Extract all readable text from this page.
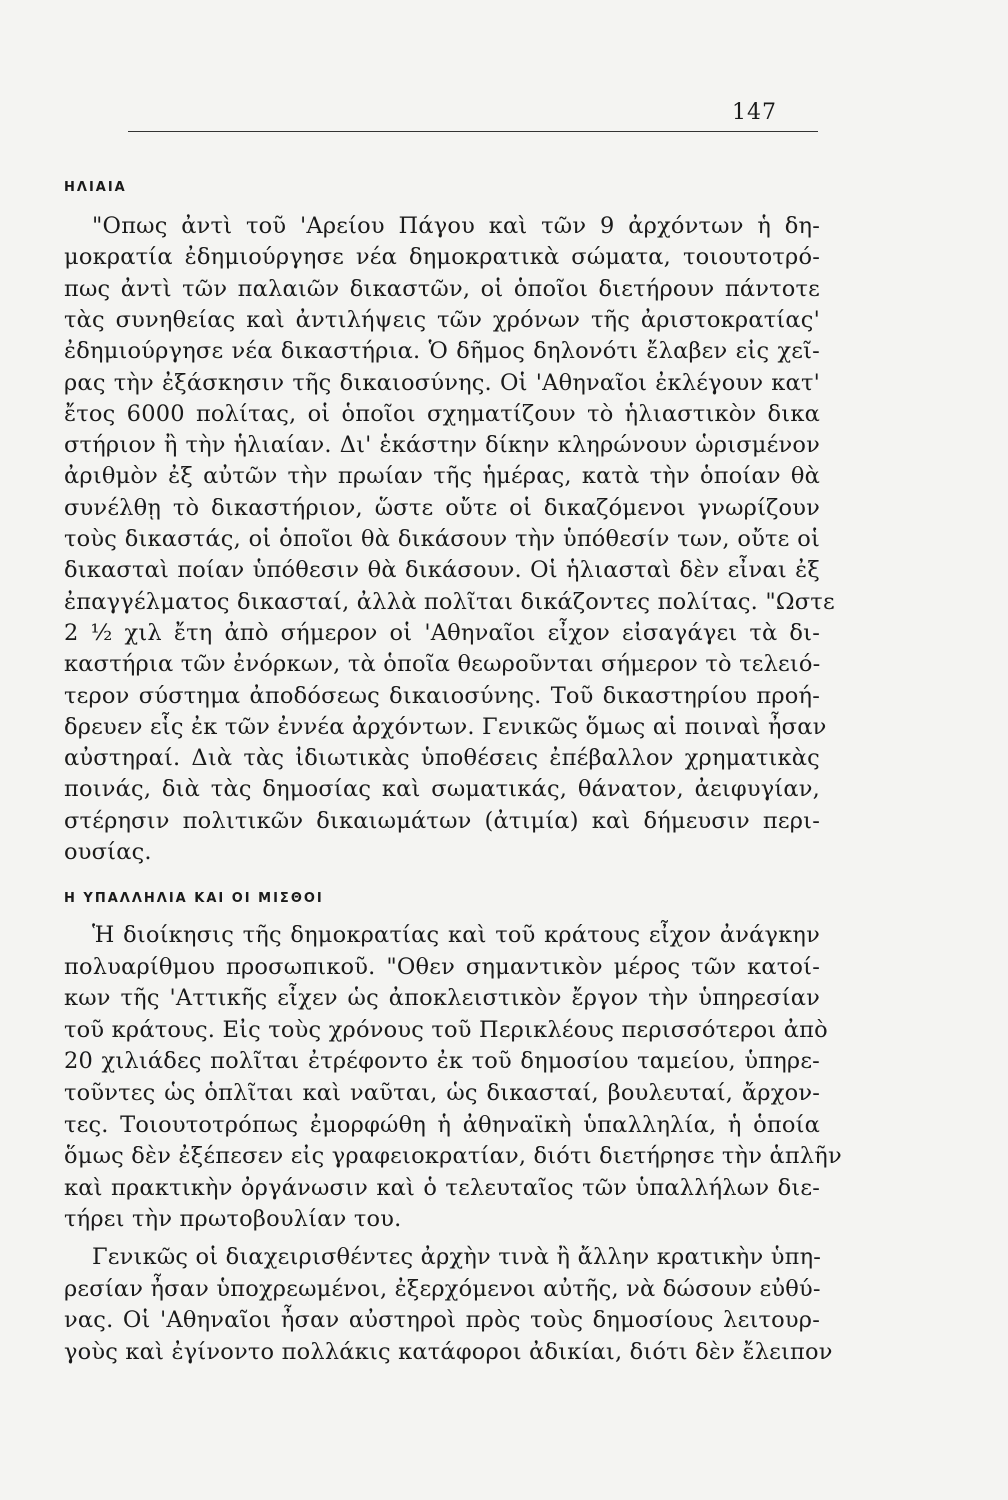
147
ΗΛΙΑΙΑ
"Οπως ἀντὶ τοῦ 'Αρείου Πάγου καὶ τῶν 9 ἀρχόντων ἡ δη-
μοκρατία ἐδημιούργησε νέα δημοκρατικὰ σώματα, τοιουτοτρό-
πως ἀντὶ τῶν παλαιῶν δικαστῶν, οἱ ὁποῖοι διετήρουν πάντοτε
τὰς συνηθείας καὶ ἀντιλήψεις τῶν χρόνων τῆς ἀριστοκρατίας'
ἐδημιούργησε νέα δικαστήρια. Ὁ δῆμος δηλονότι ἔλαβεν εἰς χεῖ-
ρας τὴν ἐξάσκησιν τῆς δικαιοσύνης. Οἱ 'Αθηναῖοι ἐκλέγουν κατ'
ἔτος 6000 πολίτας, οἱ ὁποῖοι σχηματίζουν τὸ ἡλιαστικὸν δικα
στήριον ἢ τὴν ἡλιαίαν. Δι' ἑκάστην δίκην κληρώνουν ὡρισμένον
ἀριθμὸν ἐξ αὐτῶν τὴν πρωίαν τῆς ἡμέρας, κατὰ τὴν ὁποίαν θὰ
συνέλθῃ τὸ δικαστήριον, ὥστε οὔτε οἱ δικαζόμενοι γνωρίζουν
τοὺς δικαστάς, οἱ ὁποῖοι θὰ δικάσουν τὴν ὑπόθεσίν των, οὔτε οἱ
δικασταὶ ποίαν ὑπόθεσιν θὰ δικάσουν. Οἱ ἡλιασταὶ δὲν εἶναι ἐξ
ἐπαγγέλματος δικασταί, ἀλλὰ πολῖται δικάζοντες πολίτας. "Ωστε
2 ½ χιλ ἔτη ἀπὸ σήμερον οἱ 'Αθηναῖοι εἶχον εἰσαγάγει τὰ δι-
καστήρια τῶν ἐνόρκων, τὰ ὁποῖα θεωροῦνται σήμερον τὸ τελειό-
τερον σύστημα ἀποδόσεως δικαιοσύνης. Τοῦ δικαστηρίου προή-
δρευεν εἷς ἐκ τῶν ἐννέα ἀρχόντων. Γενικῶς ὅμως αἱ ποιναὶ ἦσαν
αὐστηραί. Διὰ τὰς ἰδιωτικὰς ὑποθέσεις ἐπέβαλλον χρηματικὰς
ποινάς, διὰ τὰς δημοσίας καὶ σωματικάς, θάνατον, ἀειφυγίαν,
στέρησιν πολιτικῶν δικαιωμάτων (ἀτιμία) καὶ δήμευσιν περι-
ουσίας.
Η ΥΠΑΛΛΗΛΙΑ ΚΑΙ ΟΙ ΜΙΣΘΟΙ
Ἡ διοίκησις τῆς δημοκρατίας καὶ τοῦ κράτους εἶχον ἀνάγκην
πολυαρίθμου προσωπικοῦ. "Οθεν σημαντικὸν μέρος τῶν κατοί-
κων τῆς 'Αττικῆς εἶχεν ὡς ἀποκλειστικὸν ἔργον τὴν ὑπηρεσίαν
τοῦ κράτους. Εἰς τοὺς χρόνους τοῦ Περικλέους περισσότεροι ἀπὸ
20 χιλιάδες πολῖται ἐτρέφοντο ἐκ τοῦ δημοσίου ταμείου, ὑπηρε-
τοῦντες ὡς ὁπλῖται καὶ ναῦται, ὡς δικασταί, βουλευταί, ἄρχον-
τες. Τοιουτοτρόπως ἐμορφώθη ἡ ἀθηναϊκὴ ὑπαλληλία, ἡ ὁποία
ὅμως δὲν ἐξέπεσεν εἰς γραφειοκρατίαν, διότι διετήρησε τὴν ἁπλῆν
καὶ πρακτικὴν ὀργάνωσιν καὶ ὁ τελευταῖος τῶν ὑπαλλήλων διε-
τήρει τὴν πρωτοβουλίαν του.
Γενικῶς οἱ διαχειρισθέντες ἀρχὴν τινὰ ἢ ἄλλην κρατικὴν ὑπη-
ρεσίαν ἦσαν ὑποχρεωμένοι, ἐξερχόμενοι αὐτῆς, νὰ δώσουν εὐθύ-
νας. Οἱ 'Αθηναῖοι ἦσαν αὐστηροὶ πρὸς τοὺς δημοσίους λειτουρ-
γοὺς καὶ ἐγίνοντο πολλάκις κατάφοροι ἀδικίαι, διότι δὲν ἔλειπον
